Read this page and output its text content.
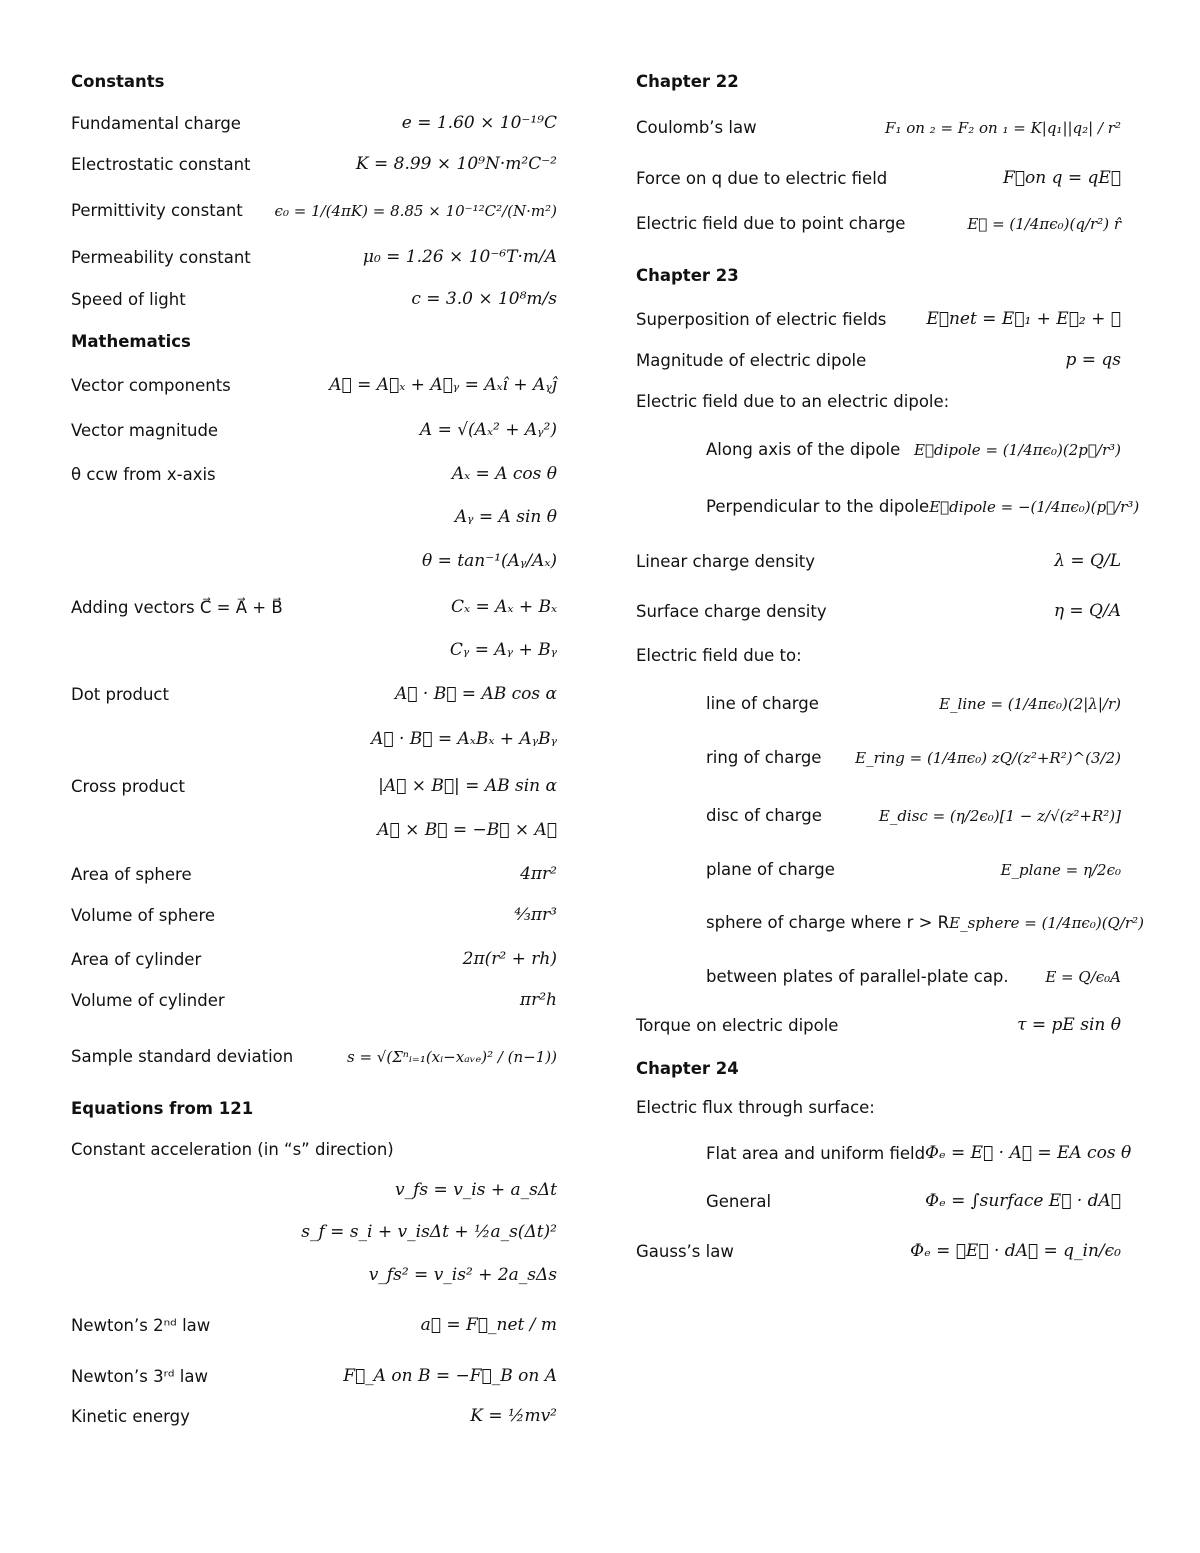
Constants
Fundamental charge	e = 1.60 × 10⁻¹⁹C
Electrostatic constant	K = 8.99 × 10⁹N·m²C⁻²
Permittivity constant ϵ₀ = 1/(4πK) = 8.85 × 10⁻¹²C²/(N·m²)
Permeability constant	μ₀ = 1.26 × 10⁻⁶T·m/A
Speed of light	c = 3.0 × 10⁸m/s
Mathematics
Vector components	A⃗ = A⃗ₓ + A⃗ᵧ = Aₓî + Aᵧĵ
Vector magnitude	A = √(Aₓ² + Aᵧ²)
θ ccw from x-axis	Aₓ = A cos θ
Aᵧ = A sin θ
θ = tan⁻¹(Aᵧ/Aₓ)
Adding vectors C⃗ = A⃗ + B⃗	Cₓ = Aₓ + Bₓ
Cᵧ = Aᵧ + Bᵧ
Dot product	A⃗ · B⃗ = AB cos α
A⃗ · B⃗ = AₓBₓ + AᵧBᵧ
Cross product	|A⃗ × B⃗| = AB sin α
A⃗ × B⃗ = −B⃗ × A⃗
Area of sphere	4πr²
Volume of sphere	⁴⁄₃πr³
Area of cylinder	2π(r² + rh)
Volume of cylinder	πr²h
Sample standard deviation	s = √(Σⁿᵢ₌₁(xᵢ−xₐᵥₑ)² / (n−1))
Equations from 121
Constant acceleration (in “s” direction)
v_fs = v_is + a_sΔt
s_f = s_i + v_isΔt + ½a_s(Δt)²
v_fs² = v_is² + 2a_sΔs
Newton’s 2ⁿᵈ law	a⃗ = F⃗_net / m
Newton’s 3ʳᵈ law	F⃗_A on B = −F⃗_B on A
Kinetic energy	K = ½mv²
Chapter 22
Coulomb’s law	F₁ on ₂ = F₂ on ₁ = K|q₁||q₂| / r²
Force on q due to electric field	F⃗on q = qE⃗
Electric field due to point charge	E⃗ = (1/4πϵ₀)(q/r²) r̂
Chapter 23
Superposition of electric fields E⃗net = E⃗₁ + E⃗₂ + ⋯
Magnitude of electric dipole	p = qs
Electric field due to an electric dipole:
Along axis of the dipole E⃗dipole = (1/4πϵ₀)(2p⃗/r³)
Perpendicular to the dipole E⃗dipole = −(1/4πϵ₀)(p⃗/r³)
Linear charge density	λ = Q/L
Surface charge density	η = Q/A
Electric field due to:
line of charge	E_line = (1/4πϵ₀)(2|λ|/r)
ring of charge E_ring = (1/4πϵ₀) zQ/(z²+R²)^(3/2)
disc of charge	E_disc = (η/2ϵ₀)[1 − z/√(z²+R²)]
plane of charge	E_plane = η/2ϵ₀
sphere of charge where r > R E_sphere = (1/4πϵ₀)(Q/r²)
between plates of parallel-plate cap. E = Q/ϵ₀A
Torque on electric dipole	τ = pE sin θ
Chapter 24
Electric flux through surface:
Flat area and uniform field Φₑ = E⃗ · A⃗ = EA cos θ
General	Φₑ = ∫surface E⃗ · dA⃗
Gauss’s law	Φₑ = ∮E⃗ · dA⃗ = q_in/ϵ₀
